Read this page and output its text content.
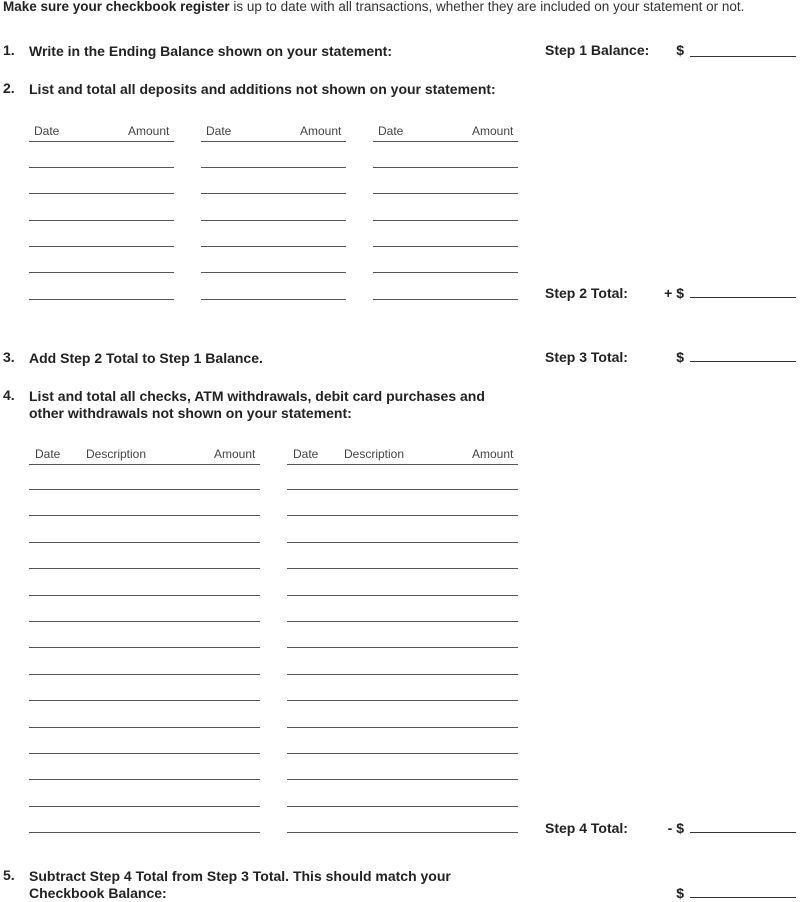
Make sure your checkbook register is up to date with all transactions, whether they are included on your statement or not.
1. Write in the Ending Balance shown on your statement:	Step 1 Balance:	$
2. List and total all deposits and additions not shown on your statement:
Date	Amount	Date	Amount	Date	Amount
Step 2 Total:	+ $
3. Add Step 2 Total to Step 1 Balance.	Step 3 Total:	$
4. List and total all checks, ATM withdrawals, debit card purchases and
other withdrawals not shown on your statement:
Date Description	Amount	Date Description	Amount
Step 4 Total:	- $
5. Subtract Step 4 Total from Step 3 Total. This should match your
Checkbook Balance:	$
